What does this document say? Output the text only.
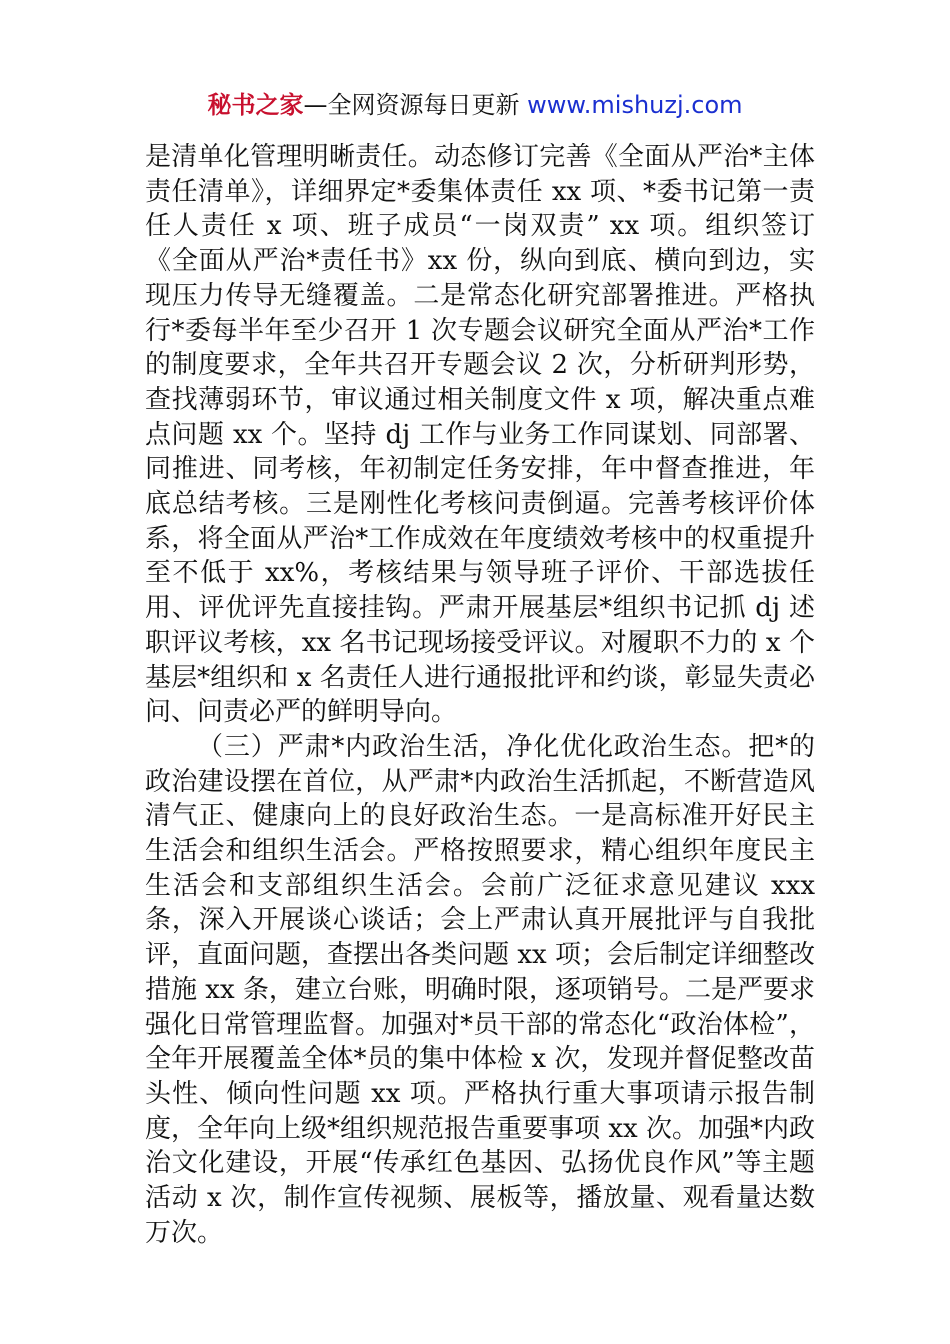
秘书之家—全网资源每日更新 www.mishuzj.com

是清单化管理明晰责任。动态修订完善《全面从严治*主体责任清单》，详细界定*委集体责任 xx 项、*委书记第一责任人责任 x 项、班子成员“一岗双责” xx 项。组织签订《全面从严治*责任书》xx 份，纵向到底、横向到边，实现压力传导无缝覆盖。二是常态化研究部署推进。严格执行*委每半年至少召开 1 次专题会议研究全面从严治*工作的制度要求，全年共召开专题会议 2 次，分析研判形势，查找薄弱环节，审议通过相关制度文件 x 项，解决重点难点问题 xx 个。坚持 dj 工作与业务工作同谋划、同部署、同推进、同考核，年初制定任务安排，年中督查推进，年底总结考核。三是刚性化考核问责倒逼。完善考核评价体系，将全面从严治*工作成效在年度绩效考核中的权重提升至不低于 xx%，考核结果与领导班子评价、干部选拔任用、评优评先直接挂钩。严肃开展基层*组织书记抓 dj 述职评议考核，xx 名书记现场接受评议。对履职不力的 x 个基层*组织和 x 名责任人进行通报批评和约谈，彰显失责必问、问责必严的鲜明导向。

（三）严肃*内政治生活，净化优化政治生态。把*的政治建设摆在首位，从严肃*内政治生活抓起，不断营造风清气正、健康向上的良好政治生态。一是高标准开好民主生活会和组织生活会。严格按照要求，精心组织年度民主生活会和支部组织生活会。会前广泛征求意见建议 xxx 条，深入开展谈心谈话；会上严肃认真开展批评与自我批评，直面问题，查摆出各类问题 xx 项；会后制定详细整改措施 xx 条，建立台账，明确时限，逐项销号。二是严要求强化日常管理监督。加强对*员干部的常态化“政治体检”，全年开展覆盖全体*员的集中体检 x 次，发现并督促整改苗头性、倾向性问题 xx 项。严格执行重大事项请示报告制度，全年向上级*组织规范报告重要事项 xx 次。加强*内政治文化建设，开展“传承红色基因、弘扬优良作风”等主题活动 x 次，制作宣传视频、展板等，播放量、观看量达数万次。
